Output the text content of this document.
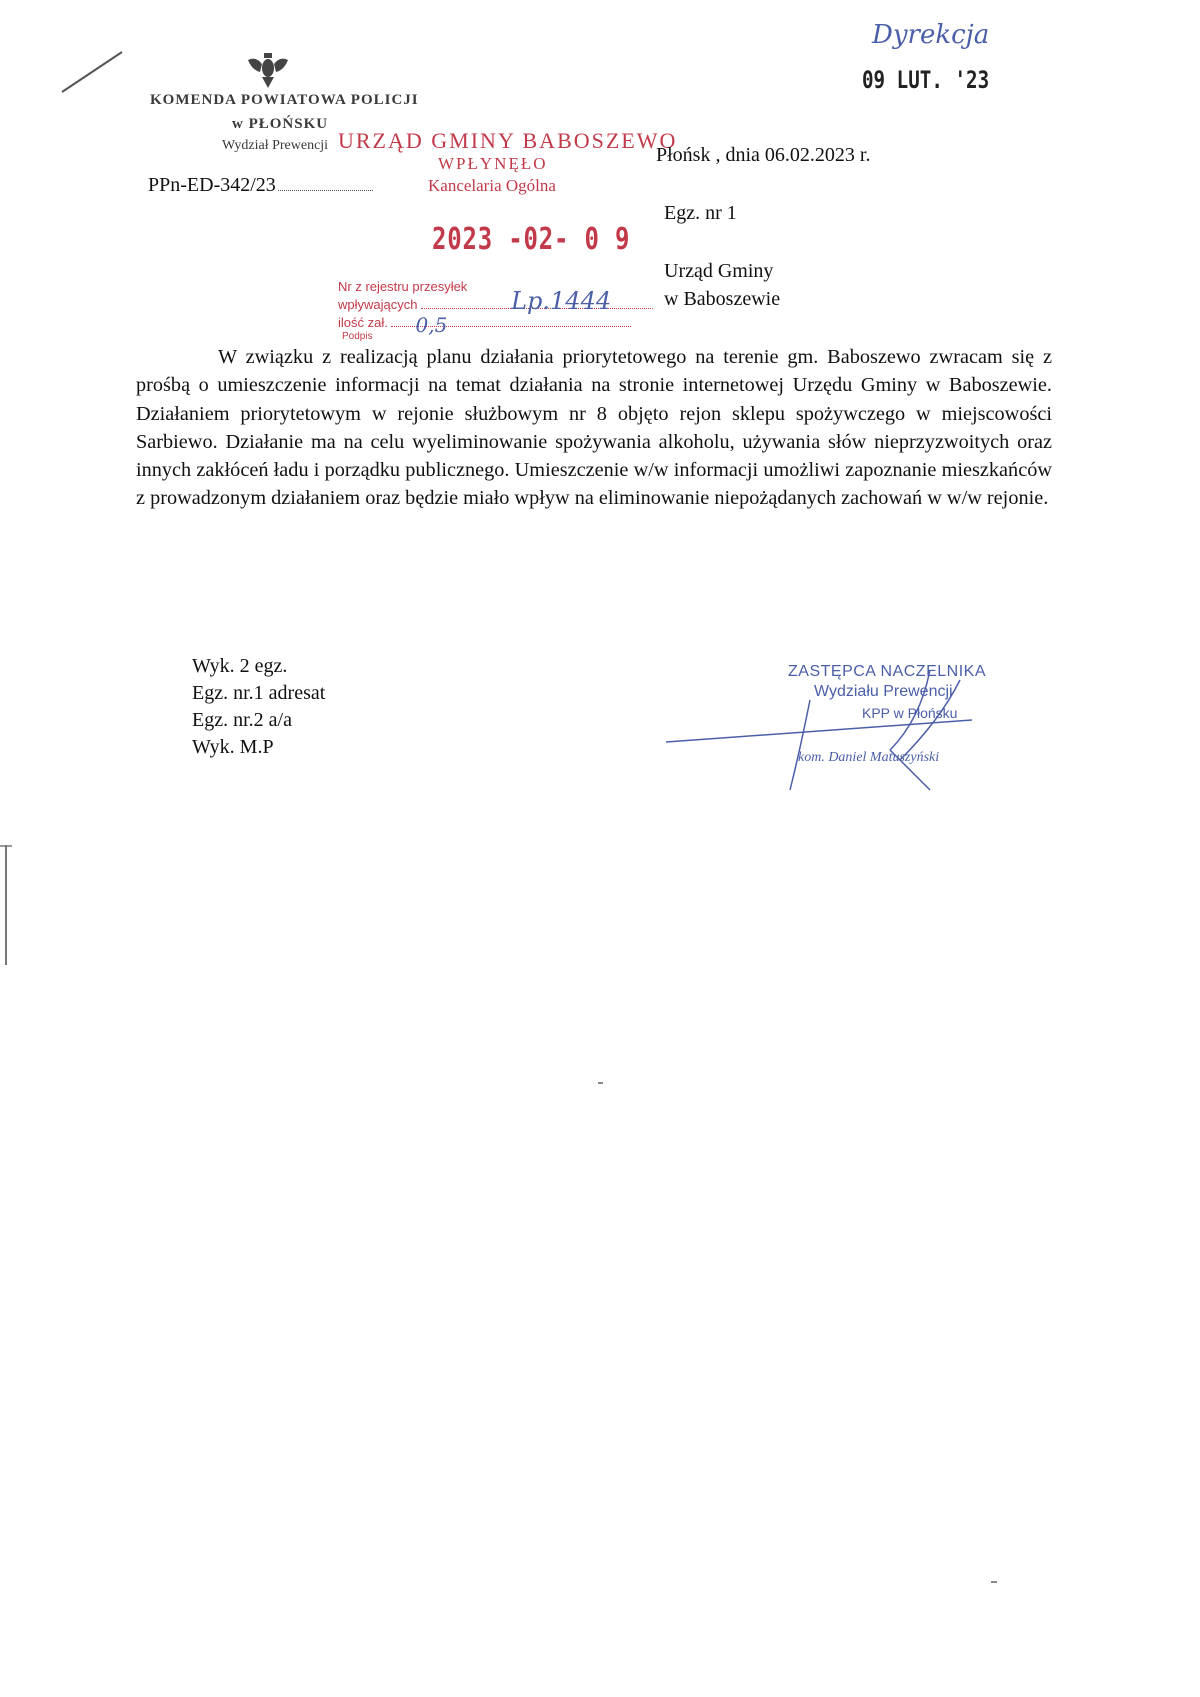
KOMENDA POWIATOWA POLICJI
w PŁOŃSKU
Wydział Prewencji URZĄD GMINY BABOSZEWO
WPŁYNĘŁO
Kancelaria Ogólna
2023 -02- 0 9
Nr z rejestru przesyłek
wpływających	Lp.1444
ilość zał. 0,5
Podpis
Dyrekcja
09 LUT. '23
PPn-ED-342/23
Płońsk , dnia 06.02.2023 r.
Egz. nr 1
Urząd Gminy
w Baboszewie

W związku z realizacją planu działania priorytetowego na terenie gm. Baboszewo zwracam się z prośbą o umieszczenie informacji na temat działania na stronie internetowej Urzędu Gminy w Baboszewie. Działaniem priorytetowym w rejonie służbowym nr 8 objęto rejon sklepu spożywczego w miejscowości Sarbiewo. Działanie ma na celu wyeliminowanie spożywania alkoholu, używania słów nieprzyzwoitych oraz innych zakłóceń ładu i porządku publicznego. Umieszczenie w/w informacji umożliwi zapoznanie mieszkańców z prowadzonym działaniem oraz będzie miało wpływ na eliminowanie niepożądanych zachowań w w/w rejonie.

Wyk. 2 egz.
Egz. nr.1 adresat
Egz. nr.2 a/a
Wyk. M.P
ZASTĘPCA NACZELNIKA
Wydziału Prewencji
KPP w Płońsku
kom. Daniel Matuszyński
